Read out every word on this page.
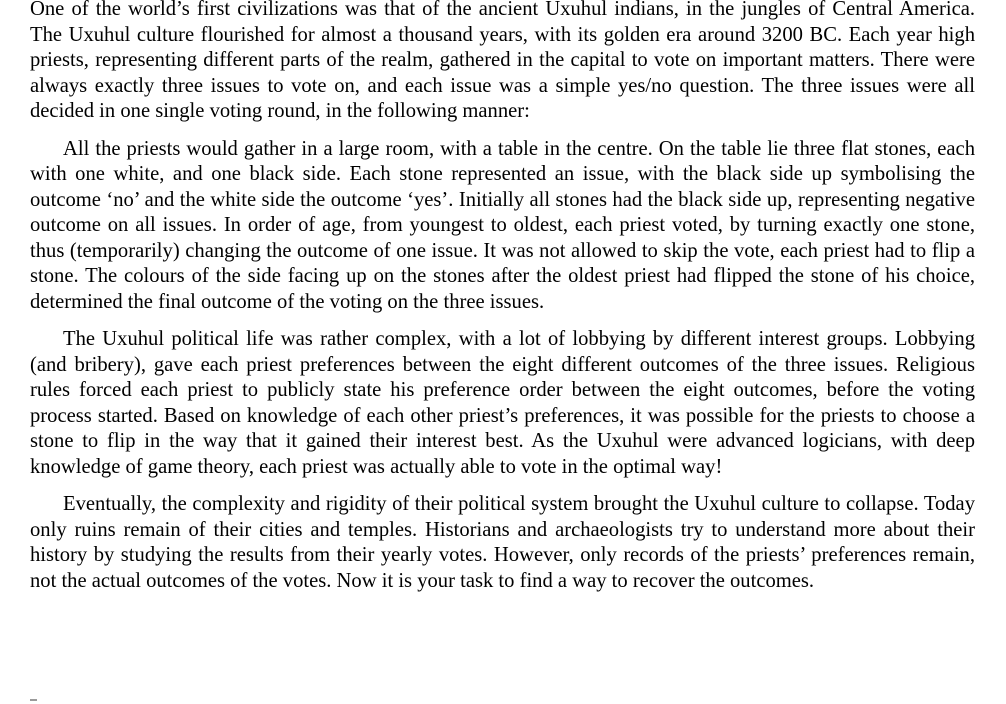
One of the world’s first civilizations was that of the ancient Uxuhul indians, in the jungles of Central America. The Uxuhul culture flourished for almost a thousand years, with its golden era around 3200 BC. Each year high priests, representing different parts of the realm, gathered in the capital to vote on important matters. There were always exactly three issues to vote on, and each issue was a simple yes/no question. The three issues were all decided in one single voting round, in the following manner:

All the priests would gather in a large room, with a table in the centre. On the table lie three flat stones, each with one white, and one black side. Each stone represented an issue, with the black side up symbolising the outcome ‘no’ and the white side the outcome ‘yes’. Initially all stones had the black side up, representing negative outcome on all issues. In order of age, from youngest to oldest, each priest voted, by turning exactly one stone, thus (temporarily) changing the outcome of one issue. It was not allowed to skip the vote, each priest had to flip a stone. The colours of the side facing up on the stones after the oldest priest had flipped the stone of his choice, determined the final outcome of the voting on the three issues.

The Uxuhul political life was rather complex, with a lot of lobbying by different interest groups. Lobbying (and bribery), gave each priest preferences between the eight different outcomes of the three issues. Religious rules forced each priest to publicly state his preference order between the eight outcomes, before the voting process started. Based on knowledge of each other priest’s preferences, it was possible for the priests to choose a stone to flip in the way that it gained their interest best. As the Uxuhul were advanced logicians, with deep knowledge of game theory, each priest was actually able to vote in the optimal way!

Eventually, the complexity and rigidity of their political system brought the Uxuhul culture to collapse. Today only ruins remain of their cities and temples. Historians and archaeologists try to understand more about their history by studying the results from their yearly votes. However, only records of the priests’ preferences remain, not the actual outcomes of the votes. Now it is your task to find a way to recover the outcomes.
